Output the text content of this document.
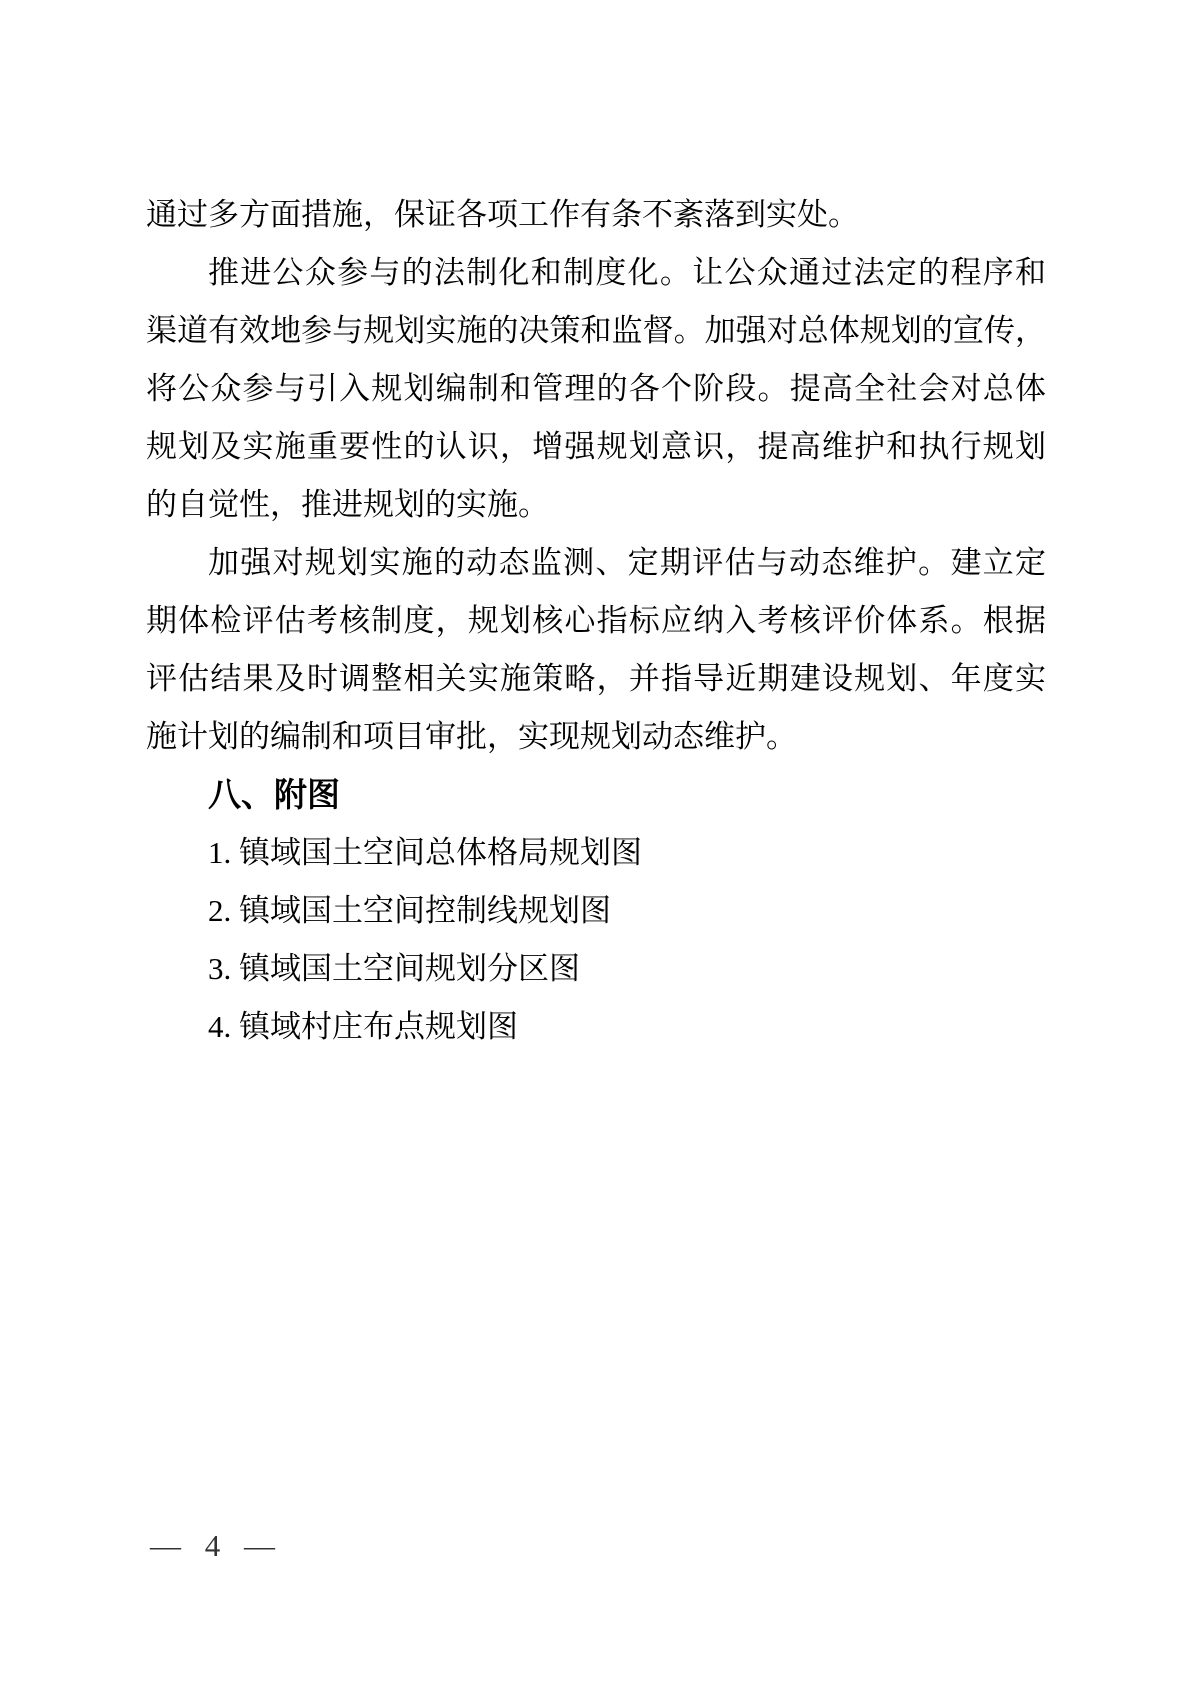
通过多方面措施，保证各项工作有条不紊落到实处。
推进公众参与的法制化和制度化。让公众通过法定的程序和
渠道有效地参与规划实施的决策和监督。加强对总体规划的宣传，
将公众参与引入规划编制和管理的各个阶段。提高全社会对总体
规划及实施重要性的认识，增强规划意识，提高维护和执行规划
的自觉性，推进规划的实施。
加强对规划实施的动态监测、定期评估与动态维护。建立定
期体检评估考核制度，规划核心指标应纳入考核评价体系。根据
评估结果及时调整相关实施策略，并指导近期建设规划、年度实
施计划的编制和项目审批，实现规划动态维护。
八、附图
1. 镇域国土空间总体格局规划图
2. 镇域国土空间控制线规划图
3. 镇域国土空间规划分区图
4. 镇域村庄布点规划图
— 4 —
